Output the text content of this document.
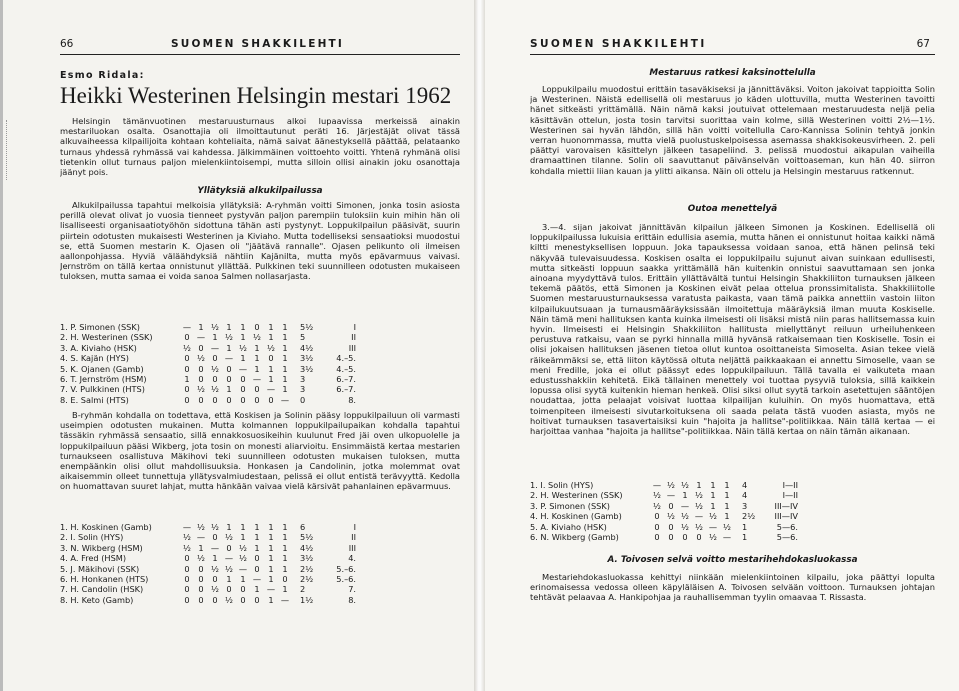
66	SUOMEN SHAKKILEHTI
Esmo Ridala:
Heikki Westerinen Helsingin mestari 1962
Helsingin tämänvuotinen mestaruusturnaus alkoi lupaavissa merkeissä ainakin mestariluokan osalta. Osanottajia oli ilmoittautunut peräti 16. Järjestäjät olivat tässä alkuvaiheessa kilpailijoita kohtaan kohteliaita, nämä saivat äänestyksellä päättää, pelataanko turnaus yhdessä ryhmässä vai kahdessa. Jälkimmäinen voittoehto voitti. Yhtenä ryhmänä olisi tietenkin ollut turnaus paljon mielenkiintoisempi, mutta silloin ollisi ainakin joku osanottaja jäänyt pois.
Yllätyksiä alkukilpailussa
Alkukilpailussa tapahtui melkoisia yllätyksiä: A-ryhmän voitti Simonen, jonka tosin asiosta perillä olevat olivat jo vuosia tienneet pystyvän paljon parempiin tuloksiin kuin mihin hän oli lisalliseesti organisaatiotyöhön sidottuna tähän asti pystynyt. Loppukilpailun pääsivät, suurin piirtein odotusten mukaisesti Westerinen ja Kiviaho. Mutta todelliseksi sensaatioksi muodostui se, että Suomen mestarin K. Ojasen oli "jäätävä rannalle". Ojasen pelikunto oli ilmeisen aallonpohjassa. Hyviä väläähdyksiä nähtiin Kajänilta, mutta myös epävarmuus vaivasi. Jernström on tällä kertaa onnistunut yllättää. Pulkkinen teki suunnilleen odotusten mukaiseen tuloksen, mutta samaa ei voida sanoa Salmen nollasarjasta.
1. P. Simonen (SSK)	—	1	½	1	1	0	1	1	5½	I
2. H. Westerinen (SSK)	0	—	1	½	1	½	1	1	5	II
3. A. Kiviaho (HSK)	½	0	—	1	½	1	½	1	4½	III
4. S. Kajän (HYS)	0	½	0	—	1	1	0	1	3½	4.–5.
5. K. Ojanen (Gamb)	0	0	½	0	—	1	1	1	3½	4.–5.
6. T. Jernström (HSM)	1	0	0	0	0	—	1	1	3	6.–7.
7. V. Pulkkinen (HTS)	0	½	½	1	0	0	—	1	3	6.–7.
8. E. Salmi (HTS)	0	0	0	0	0	0	0	—	0	8.
B-ryhmän kohdalla on todettava, että Koskisen ja Solinin pääsy loppukilpailuun oli varmasti useimpien odotusten mukainen. Mutta kolmannen loppukilpailupaikan kohdalla tapahtui tässäkin ryhmässä sensaatio, sillä ennakkosuosikeihin kuulunut Fred jäi oven ulkopuolelle ja loppukilpailuun pääsi Wikberg, jota tosin on monesti aliarvioitu. Ensimmäistä kertaa mestarien turnaukseen osallistuva Mäkihovi teki suunnilleen odotusten mukaisen tuloksen, mutta enempäänkin olisi ollut mahdollisuuksia. Honkasen ja Candolinin, jotka molemmat ovat aikaisemmin olleet tunnettuja yllätysvalmiudestaan, pelissä ei ollut entistä terävyyttä. Kedolla on huomattavan suuret lahjat, mutta hänkään vaivaa vielä kärsivät pahanlainen epävarmuus.
1. H. Koskinen (Gamb)	—	½	½	1	1	1	1	1	6	I
2. I. Solin (HYS)	½	—	0	½	1	1	1	1	5½	II
3. N. Wikberg (HSM)	½	1	—	0	½	1	1	1	4½	III
4. A. Fred (HSM)	0	½	1	—	½	0	1	1	3½	4.
5. J. Mäkihovi (SSK)	0	0	½	½	—	0	1	1	2½	5.–6.
6. H. Honkanen (HTS)	0	0	0	1	1	—	1	0	2½	5.–6.
7. H. Candolin (HSK)	0	0	½	0	0	1	—	1	2	7.
8. H. Keto (Gamb)	0	0	0	½	0	0	1	—	1½	8.
SUOMEN SHAKKILEHTI	67
Mestaruus ratkesi kaksinottelulla
Loppukilpailu muodostui erittäin tasaväkiseksi ja jännittäväksi. Voiton jakoivat tappioitta Solin ja Westerinen. Näistä edellisellä oli mestaruus jo käden ulottuvilla, mutta Westerinen tavoitti hänet sitkeästi yrittämällä. Näin nämä kaksi joutuivat ottelemaan mestaruudesta neljä pelia käsittävän ottelun, josta tosin tarvitsi suorittaa vain kolme, sillä Westerinen voitti 2½—1½. Westerinen sai hyvän lähdön, sillä hän voitti voitellulla Caro-Kannissa Solinin tehtyä jonkin verran huonommassa, mutta vielä puolustuskelpoisessa asemassa shakkisokeusvirheen. 2. peli päättyi varovaisen käsittelyn jälkeen tasapeliind. 3. pelissä muodostui aikapulan vaiheilla dramaattinen tilanne. Solin oli saavuttanut päivänselvän voittoaseman, kun hän 40. siirron kohdalla miettii liian kauan ja ylitti aikansa. Näin oli ottelu ja Helsingin mestaruus ratkennut.
Outoa menettelyä
3.—4. sijan jakoivat jännittävän kilpailun jälkeen Simonen ja Koskinen. Edellisellä oli loppukilpailussa lukuisia erittäin edullisia asemia, mutta hänen ei onnistunut hoitaa kaikki nämä kiltti menestyksellisen loppuun. Joka tapauksessa voidaan sanoa, että hänen pelinsä teki näkyvää tulevaisuudessa. Koskisen osalta ei loppukilpailu sujunut aivan suinkaan edullisesti, mutta sitkeästi loppuun saakka yrittämällä hän kuitenkin onnistui saavuttamaan sen jonka ainoana myydyttävä tulos. Erittäin yllättävältä tuntui Helsingin Shakkiliiton turnauksen jälkeen tekemä päätös, että Simonen ja Koskinen eivät pelaa ottelua pronssimitalista. Shakkiliitolle Suomen mestaruusturnauksessa varatusta paikasta, vaan tämä paikka annettiin vastoin liiton kilpailukuutsuaan ja turnausmääräyksissään ilmoitettuja määräyksiä ilman muuta Koskiselle. Näin tämä meni hallituksen kanta kuinka ilmeisesti oli lisäksi mistä niin paras hallitsemassa kuin hyvin. Ilmeisesti ei Helsingin Shakkiliiton hallitusta miellyttänyt reiluun urheiluhenkeen perustuva ratkaisu, vaan se pyrki hinnalla millä hyvänsä ratkaisemaan tien Koskiselle. Tosin ei olisi jokaisen hallituksen jäsenen tietoa ollut kuntoa osoittaneista Simoselta. Asian tekee vielä räikeämmäksi se, että liiton käytössä oltuta neljättä paikkaakaan ei annettu Simoselle, vaan se meni Fredille, joka ei ollut päässyt edes loppukilpailuun. Tällä tavalla ei vaikuteta maan edustusshakkiin kehitetä. Eikä tällainen menettely voi tuottaa pysyviä tuloksia, sillä kaikkein lopussa olisi syytä kuitenkin hieman henkeä. Olisi siksi ollut syytä tarkoin asetettujen sääntöjen noudattaa, jotta pelaajat voisivat luottaa kilpailijan kuluihin. On myös huomattava, että toimenpiteen ilmeisesti sivutarkoituksena oli saada pelata tästä vuoden asiasta, myös ne hoitivat turnauksen tasavertaisiksi kuin "hajoita ja hallitse"-politiikkaa. Näin tällä kertaa — ei harjoittaa vanhaa "hajoita ja hallitse"-politiikkaa. Näin tällä kertaa on näin tämän aikanaan.
1. I. Solin (HYS)	—	½	½	1	1	1	4	I—II
2. H. Westerinen (SSK)	½	—	1	½	1	1	4	I—II
3. P. Simonen (SSK)	½	0	—	½	1	1	3	III—IV
4. H. Koskinen (Gamb)	0	½	½	—	½	1	2½	III—IV
5. A. Kiviaho (HSK)	0	0	½	½	—	½	1	5—6.
6. N. Wikberg (Gamb)	0	0	0	0	½	—	1	5—6.
A. Toivosen selvä voitto mestarihehdokasluokassa
Mestariehdokasluokassa kehittyi niinkään mielenkiintoinen kilpailu, joka päättyi lopulta erinomaisessa vedossa olleen käpyläläisen A. Toivosen selvään voittoon. Turnauksen johtajan tehtävät pelaavaa A. Hankipohjaa ja rauhallisemman tyylin omaavaa T. Rissasta.
